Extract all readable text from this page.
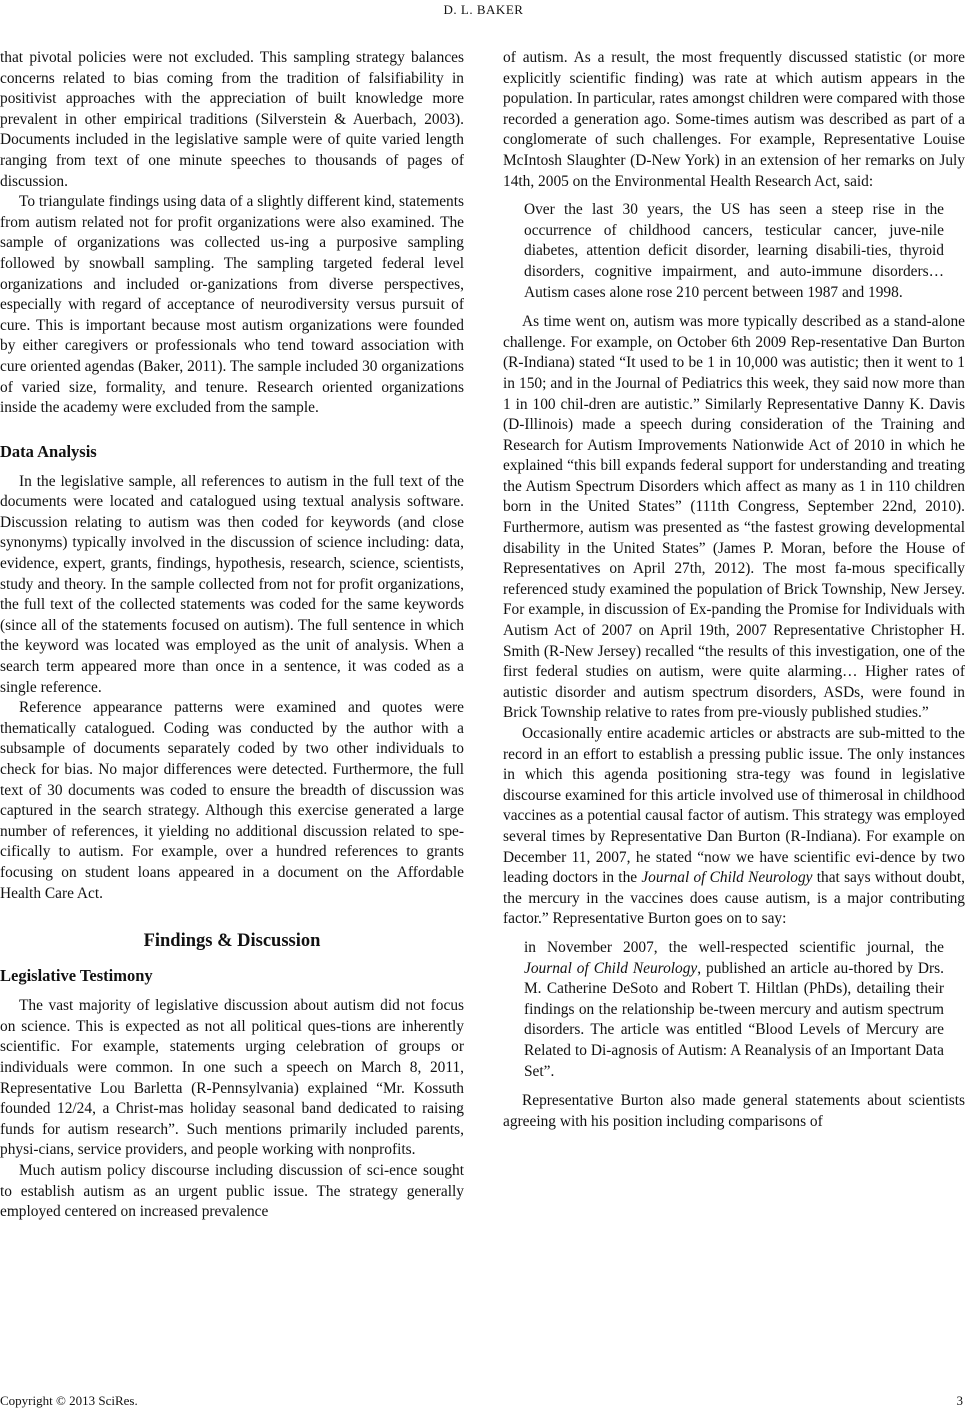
D. L. BAKER

that pivotal policies were not excluded. This sampling strategy balances concerns related to bias coming from the tradition of falsifiability in positivist approaches with the appreciation of built knowledge more prevalent in other empirical traditions (Silverstein & Auerbach, 2003). Documents included in the legislative sample were of quite varied length ranging from text of one minute speeches to thousands of pages of discussion.

To triangulate findings using data of a slightly different kind, statements from autism related not for profit organizations were also examined. The sample of organizations was collected us-ing a purposive sampling followed by snowball sampling. The sampling targeted federal level organizations and included or-ganizations from diverse perspectives, especially with regard of acceptance of neurodiversity versus pursuit of cure. This is important because most autism organizations were founded by either caregivers or professionals who tend toward association with cure oriented agendas (Baker, 2011). The sample included 30 organizations of varied size, formality, and tenure. Research oriented organizations inside the academy were excluded from the sample.

Data Analysis

In the legislative sample, all references to autism in the full text of the documents were located and catalogued using textual analysis software. Discussion relating to autism was then coded for keywords (and close synonyms) typically involved in the discussion of science including: data, evidence, expert, grants, findings, hypothesis, research, science, scientists, study and theory. In the sample collected from not for profit organizations, the full text of the collected statements was coded for the same keywords (since all of the statements focused on autism). The full sentence in which the keyword was located was employed as the unit of analysis. When a search term appeared more than once in a sentence, it was coded as a single reference.

Reference appearance patterns were examined and quotes were thematically catalogued. Coding was conducted by the author with a subsample of documents separately coded by two other individuals to check for bias. No major differences were detected. Furthermore, the full text of 30 documents was coded to ensure the breadth of discussion was captured in the search strategy. Although this exercise generated a large number of references, it yielding no additional discussion related to spe-cifically to autism. For example, over a hundred references to grants focusing on student loans appeared in a document on the Affordable Health Care Act.

Findings & Discussion
Legislative Testimony

The vast majority of legislative discussion about autism did not focus on science. This is expected as not all political ques-tions are inherently scientific. For example, statements urging celebration of groups or individuals were common. In one such a speech on March 8, 2011, Representative Lou Barletta (R-Pennsylvania) explained “Mr. Kossuth founded 12/24, a Christ-mas holiday seasonal band dedicated to raising funds for autism research”. Such mentions primarily included parents, physi-cians, service providers, and people working with nonprofits.

Much autism policy discourse including discussion of sci-ence sought to establish autism as an urgent public issue. The strategy generally employed centered on increased prevalence

of autism. As a result, the most frequently discussed statistic (or more explicitly scientific finding) was rate at which autism appears in the population. In particular, rates amongst children were compared with those recorded a generation ago. Some-times autism was described as part of a conglomerate of such challenges. For example, Representative Louise McIntosh Slaughter (D-New York) in an extension of her remarks on July 14th, 2005 on the Environmental Health Research Act, said:

Over the last 30 years, the US has seen a steep rise in the occurrence of childhood cancers, testicular cancer, juve-nile diabetes, attention deficit disorder, learning disabili-ties, thyroid disorders, cognitive impairment, and auto-immune disorders…Autism cases alone rose 210 percent between 1987 and 1998.

As time went on, autism was more typically described as a stand-alone challenge. For example, on October 6th 2009 Rep-resentative Dan Burton (R-Indiana) stated “It used to be 1 in 10,000 was autistic; then it went to 1 in 150; and in the Journal of Pediatrics this week, they said now more than 1 in 100 chil-dren are autistic.” Similarly Representative Danny K. Davis (D-Illinois) made a speech during consideration of the Training and Research for Autism Improvements Nationwide Act of 2010 in which he explained “this bill expands federal support for understanding and treating the Autism Spectrum Disorders which affect as many as 1 in 110 children born in the United States” (111th Congress, September 22nd, 2010). Furthermore, autism was presented as “the fastest growing developmental disability in the United States” (James P. Moran, before the House of Representatives on April 27th, 2012). The most fa-mous specifically referenced study examined the population of Brick Township, New Jersey. For example, in discussion of Ex-panding the Promise for Individuals with Autism Act of 2007 on April 19th, 2007 Representative Christopher H. Smith (R-New Jersey) recalled “the results of this investigation, one of the first federal studies on autism, were quite alarming… Higher rates of autistic disorder and autism spectrum disorders, ASDs, were found in Brick Township relative to rates from pre-viously published studies.”

Occasionally entire academic articles or abstracts are sub-mitted to the record in an effort to establish a pressing public issue. The only instances in which this agenda positioning stra-tegy was found in legislative discourse examined for this article involved use of thimerosal in childhood vaccines as a potential causal factor of autism. This strategy was employed several times by Representative Dan Burton (R-Indiana). For example on December 11, 2007, he stated “now we have scientific evi-dence by two leading doctors in the Journal of Child Neurology that says without doubt, the mercury in the vaccines does cause autism, is a major contributing factor.” Representative Burton goes on to say:

in November 2007, the well-respected scientific journal, the Journal of Child Neurology, published an article au-thored by Drs. M. Catherine DeSoto and Robert T. Hiltlan (PhDs), detailing their findings on the relationship be-tween mercury and autism spectrum disorders. The article was entitled “Blood Levels of Mercury are Related to Di-agnosis of Autism: A Reanalysis of an Important Data Set”.

Representative Burton also made general statements about scientists agreeing with his position including comparisons of

Copyright © 2013 SciRes.	3
